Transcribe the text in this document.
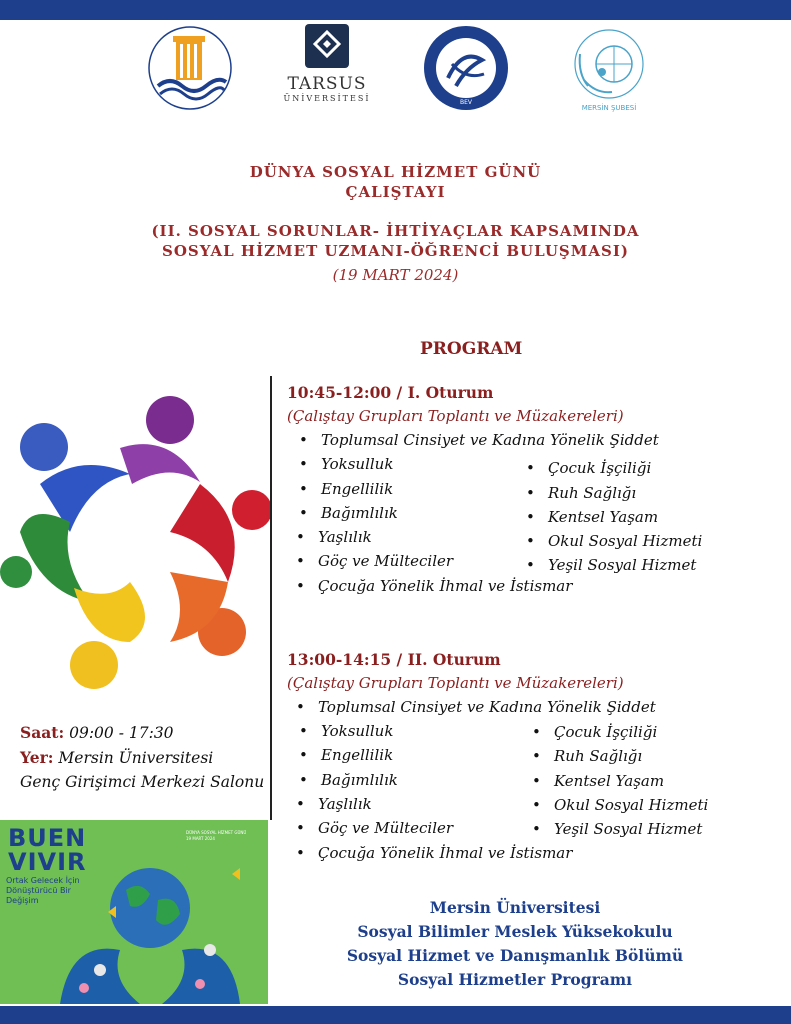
TARSUS
ÜNİVERSİTESİ	BEV
MERSİN ŞUBESİ
DÜNYA SOSYAL HİZMET GÜNÜ
ÇALIŞTAYI
(II. SOSYAL SORUNLAR- İHTİYAÇLAR KAPSAMINDA
SOSYAL HİZMET UZMANI-ÖĞRENCİ BULUŞMASI)
(19 MART 2024)
PROGRAM
Saat: 09:00 - 17:30
Yer: Mersin Üniversitesi
Genç Girişimci Merkezi Salonu
BUEN
VIVIR
Ortak Gelecek İçin
Dönüştürücü Bir
Değişim
DÜNYA SOSYAL HİZMET GÜNÜ
19 MART 2024
10:45-12:00 / I. Oturum
(Çalıştay Grupları Toplantı ve Müzakereleri)
• Toplumsal Cinsiyet ve Kadına Yönelik Şiddet
• Yoksulluk
• Engellilik
• Bağımlılık
• Yaşlılık
• Göç ve Mülteciler
• Çocuğa Yönelik İhmal ve İstismar
• Çocuk İşçiliği
• Ruh Sağlığı
• Kentsel Yaşam
• Okul Sosyal Hizmeti
• Yeşil Sosyal Hizmet
13:00-14:15 / II. Oturum
(Çalıştay Grupları Toplantı ve Müzakereleri)
• Toplumsal Cinsiyet ve Kadına Yönelik Şiddet
• Yoksulluk
• Engellilik
• Bağımlılık
• Yaşlılık
• Göç ve Mülteciler
• Çocuğa Yönelik İhmal ve İstismar
• Çocuk İşçiliği
• Ruh Sağlığı
• Kentsel Yaşam
• Okul Sosyal Hizmeti
• Yeşil Sosyal Hizmet
Mersin Üniversitesi
Sosyal Bilimler Meslek Yüksekokulu
Sosyal Hizmet ve Danışmanlık Bölümü
Sosyal Hizmetler Programı
